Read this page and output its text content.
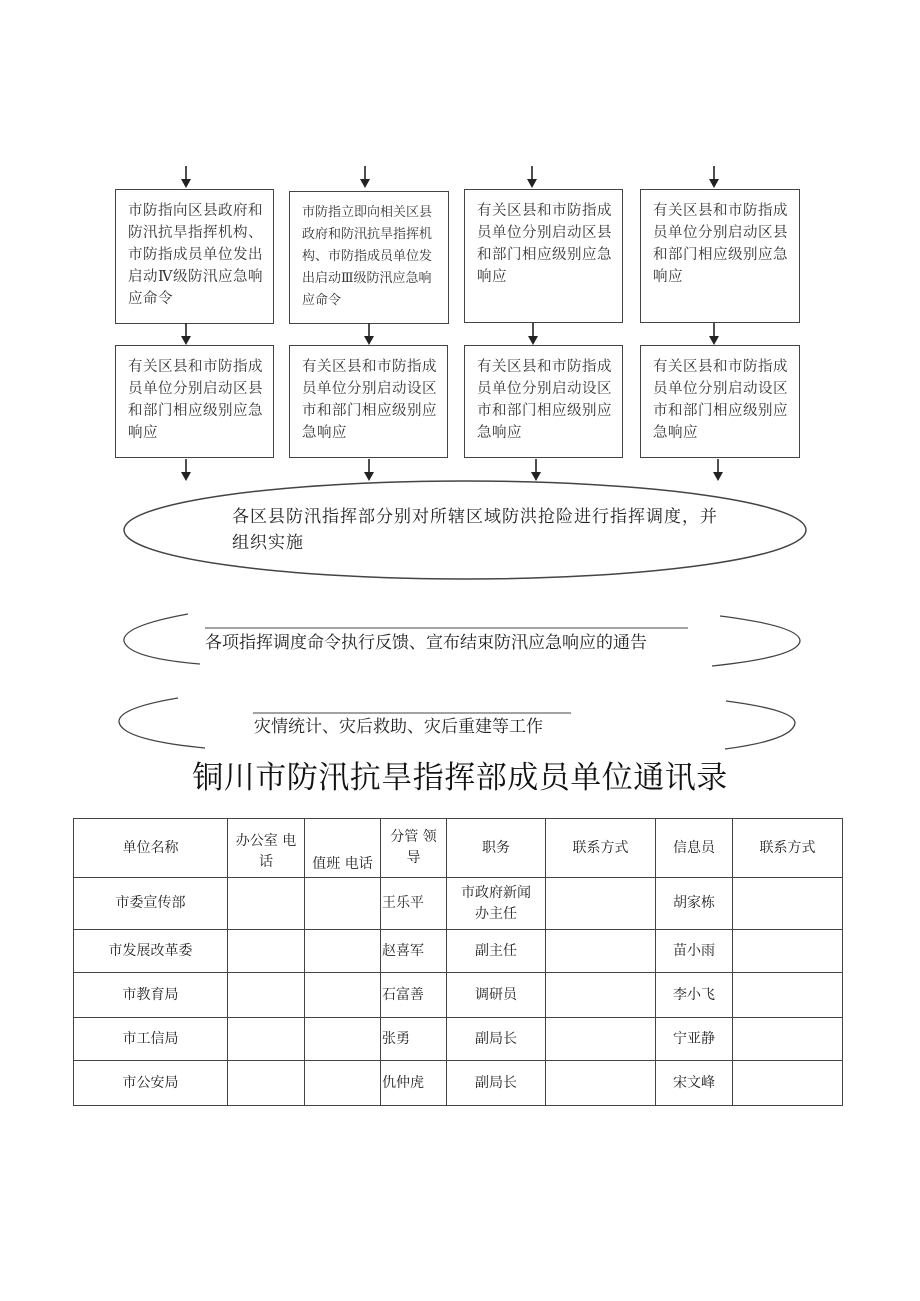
市防指向区县政府和防汛抗旱指挥机构、市防指成员单位发出启动Ⅳ级防汛应急响应命令
市防指立即向相关区县政府和防汛抗旱指挥机构、市防指成员单位发出启动Ⅲ级防汛应急响应命令
有关区县和市防指成员单位分别启动区县和部门相应级别应急响应
有关区县和市防指成员单位分别启动区县和部门相应级别应急响应
有关区县和市防指成员单位分别启动区县和部门相应级别应急响应
有关区县和市防指成员单位分别启动设区市和部门相应级别应急响应
有关区县和市防指成员单位分别启动设区市和部门相应级别应急响应
有关区县和市防指成员单位分别启动设区市和部门相应级别应急响应
各区县防汛指挥部分别对所辖区域防洪抢险进行指挥调度，并组织实施
各项指挥调度命令执行反馈、宣布结束防汛应急响应的通告
灾情统计、灾后救助、灾后重建等工作
铜川市防汛抗旱指挥部成员单位通讯录
单位名称	办公室 电话	值班 电话	分管 领导	职务	联系方式	信息员	联系方式
市委宣传部			王乐平	市政府新闻办主任		胡家栋	
市发展改革委			赵喜军	副主任		苗小雨	
市教育局			石富善	调研员		李小飞	
市工信局			张勇	副局长		宁亚静	
市公安局			仇仲虎	副局长		宋文峰	
